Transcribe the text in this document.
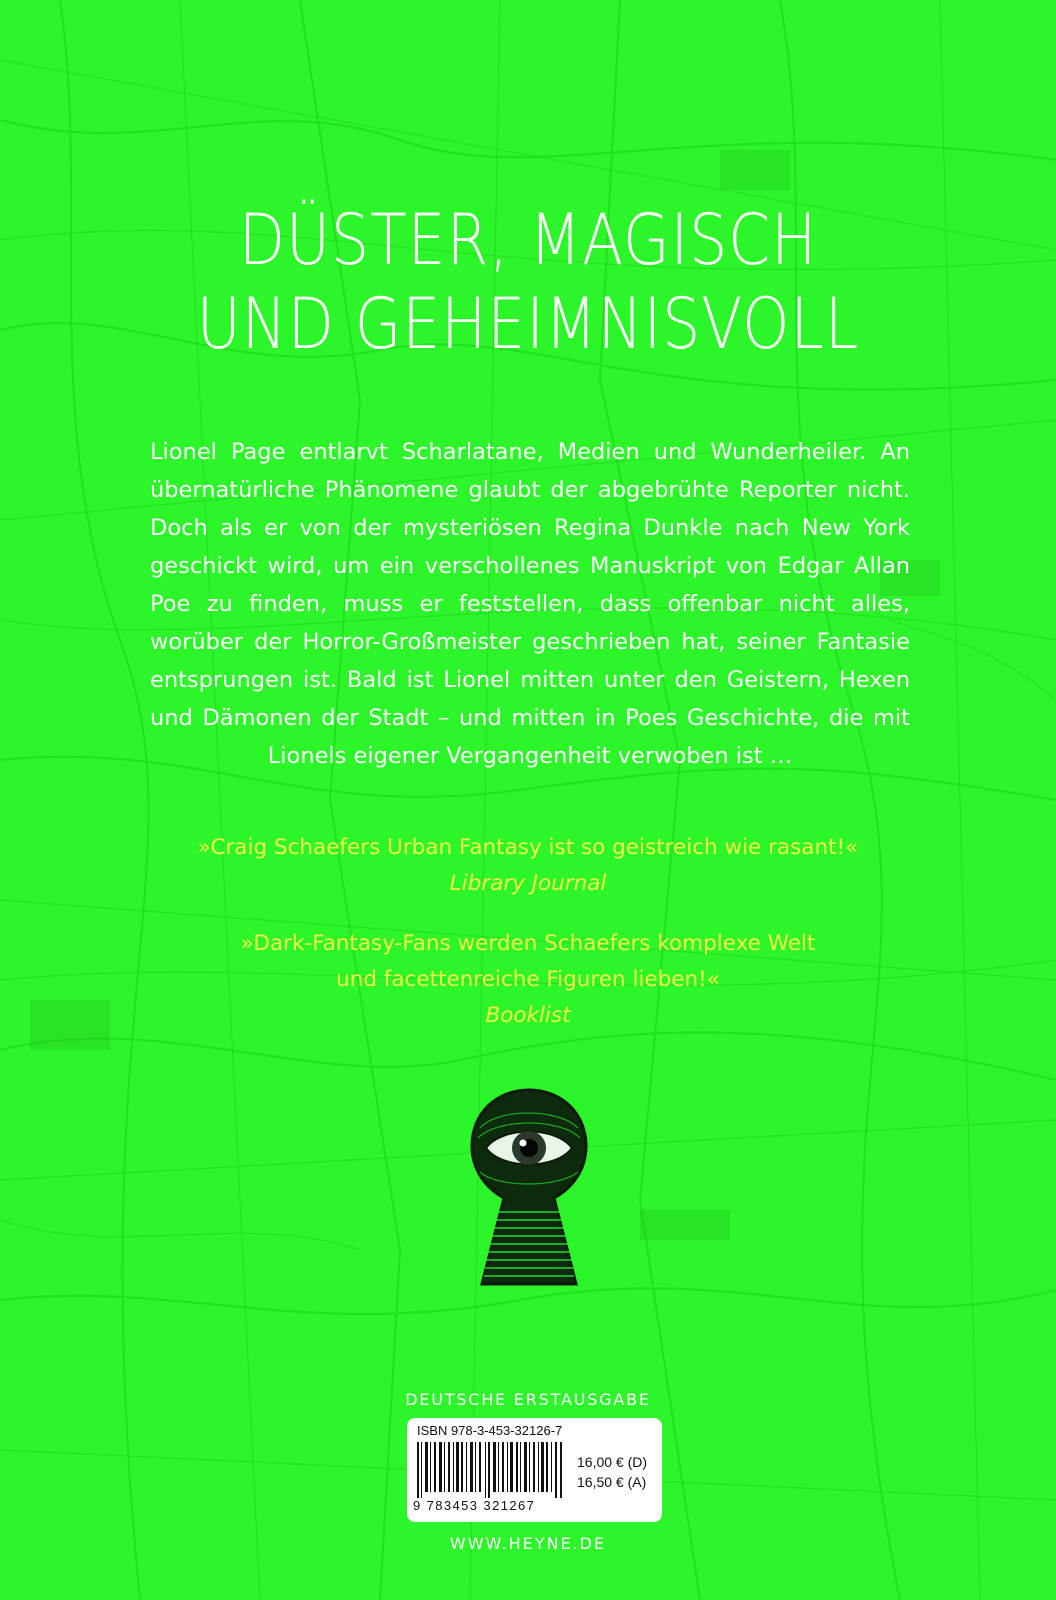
DÜSTER, MAGISCH
UND GEHEIMNISVOLL
Lionel Page entlarvt Scharlatane, Medien und Wunderheiler. An übernatürliche Phänomene glaubt der abgebrühte Reporter nicht. Doch als er von der mysteriösen Regina Dunkle nach New York geschickt wird, um ein verschollenes Manuskript von Edgar Allan Poe zu finden, muss er feststellen, dass offenbar nicht alles, worüber der Horror-Großmeister geschrieben hat, seiner Fantasie entsprungen ist. Bald ist Lionel mitten unter den Geistern, Hexen und Dämonen der Stadt – und mitten in Poes Geschichte, die mit Lionels eigener Vergangenheit verwoben ist …
»Craig Schaefers Urban Fantasy ist so geistreich wie rasant!«
Library Journal
»Dark-Fantasy-Fans werden Schaefers komplexe Welt
und facettenreiche Figuren lieben!«
Booklist
DEUTSCHE ERSTAUSGABE
ISBN 978-3-453-32126-7
9 783453 321267
16,00 € (D)
16,50 € (A)
WWW.HEYNE.DE
